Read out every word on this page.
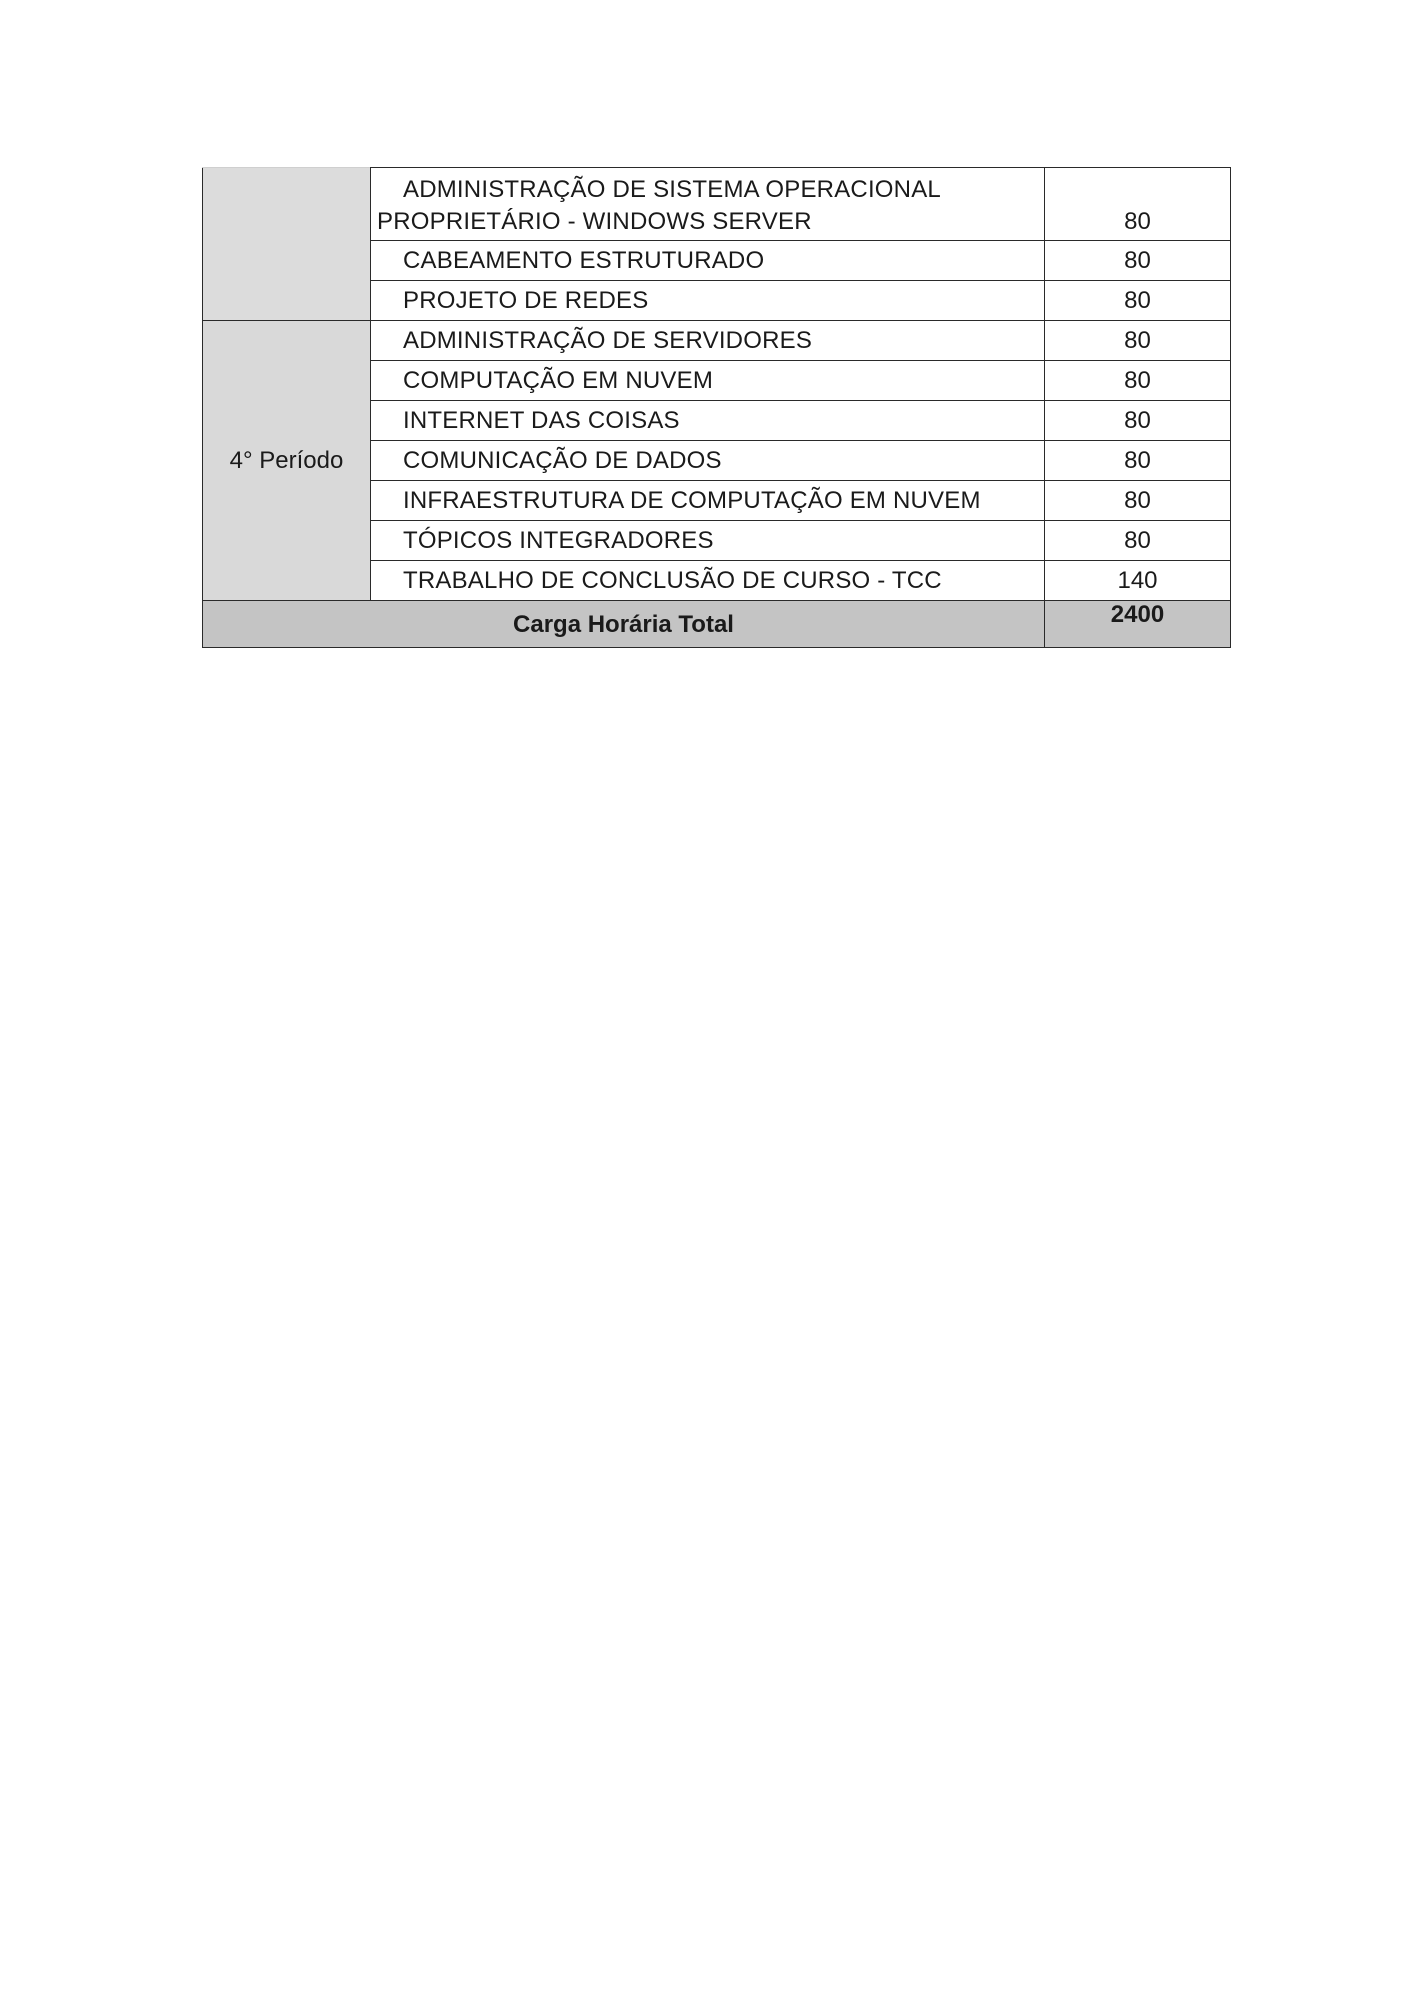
	ADMINISTRAÇÃO DE SISTEMA OPERACIONAL PROPRIETÁRIO - WINDOWS SERVER	80
	CABEAMENTO ESTRUTURADO	80
	PROJETO DE REDES	80
4° Período	ADMINISTRAÇÃO DE SERVIDORES	80
	COMPUTAÇÃO EM NUVEM	80
	INTERNET DAS COISAS	80
	COMUNICAÇÃO DE DADOS	80
	INFRAESTRUTURA DE COMPUTAÇÃO EM NUVEM	80
	TÓPICOS INTEGRADORES	80
	TRABALHO DE CONCLUSÃO DE CURSO - TCC	140
Carga Horária Total		2400
